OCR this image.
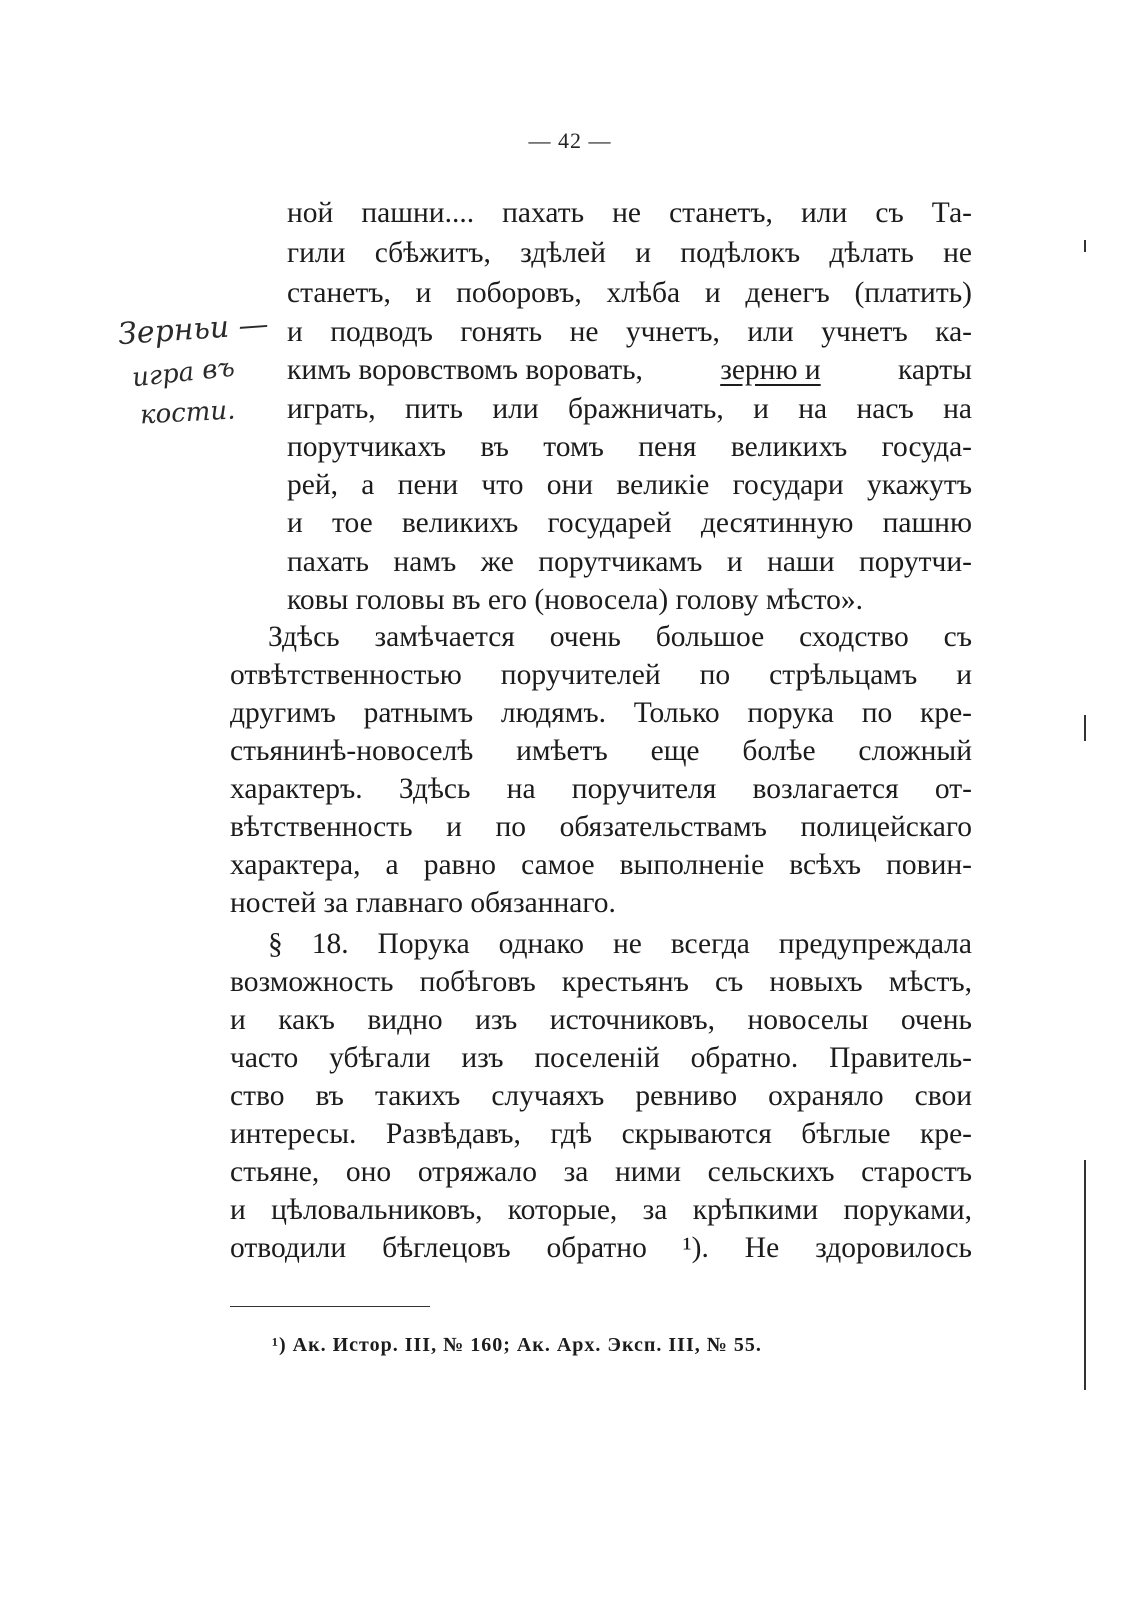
— 42 —
Зерньи —
игра въ
кости.
ной пашни.... пахать не станетъ, или съ Та-
гили сбѣжитъ, здѣлей и подѣлокъ дѣлать не
станетъ, и поборовъ, хлѣба и денегъ (платить)
и подводъ гонять не учнетъ, или учнетъ ка-
кимъ воровствомъ воровать,	зерню и	карты
играть, пить или бражничать, и на насъ на
порутчикахъ въ томъ пеня великихъ госуда-
рей, а пени что они великіе государи укажутъ
и тое великихъ государей десятинную пашню
пахать намъ же порутчикамъ и наши порутчи-
ковы головы въ его (новосела) голову мѣсто».
Здѣсь замѣчается очень большое сходство съ
отвѣтственностью поручителей по стрѣльцамъ и
другимъ ратнымъ людямъ. Только порука по кре-
стьянинѣ-новоселѣ имѣетъ еще болѣе сложный
характеръ. Здѣсь на поручителя возлагается от-
вѣтственность и по обязательствамъ полицейскаго
характера, а равно самое выполненіе всѣхъ повин-
ностей за главнаго обязаннаго.
§ 18. Порука однако не всегда предупреждала
возможность побѣговъ крестьянъ съ новыхъ мѣстъ,
и какъ видно изъ источниковъ, новоселы очень
часто убѣгали изъ поселеній обратно. Правитель-
ство въ такихъ случаяхъ ревниво охраняло свои
интересы. Развѣдавъ, гдѣ скрываются бѣглые кре-
стьяне, оно отряжало за ними сельскихъ старостъ
и цѣловальниковъ, которые, за крѣпкими поруками,
отводили бѣглецовъ обратно ¹). Не здоровилось
¹) Ак. Истор. III, № 160; Ак. Арх. Эксп. III, № 55.
